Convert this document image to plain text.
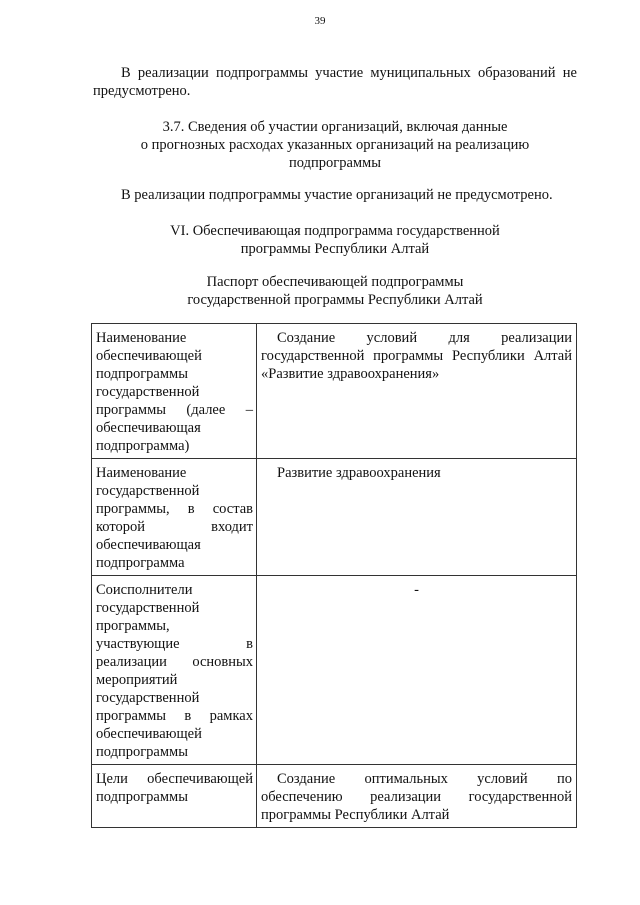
39
В реализации подпрограммы участие муниципальных образований не предусмотрено.
3.7. Сведения об участии организаций, включая данные
о прогнозных расходах указанных организаций на реализацию
подпрограммы
В реализации подпрограммы участие организаций не предусмотрено.
VI. Обеспечивающая подпрограмма государственной
программы Республики Алтай
Паспорт обеспечивающей подпрограммы
государственной программы Республики Алтай
Наименование обеспечивающей подпрограммы государственной программы (далее – обеспечивающая подпрограмма)	Создание условий для реализации государственной программы Республики Алтай «Развитие здравоохранения»
Наименование государственной программы, в состав которой входит обеспечивающая подпрограмма	Развитие здравоохранения
Соисполнители государственной программы, участвующие в реализации основных мероприятий государственной программы в рамках обеспечивающей подпрограммы	-

Цели обеспечивающей подпрограммы	Создание оптимальных условий по обеспечению реализации государственной программы Республики Алтай
